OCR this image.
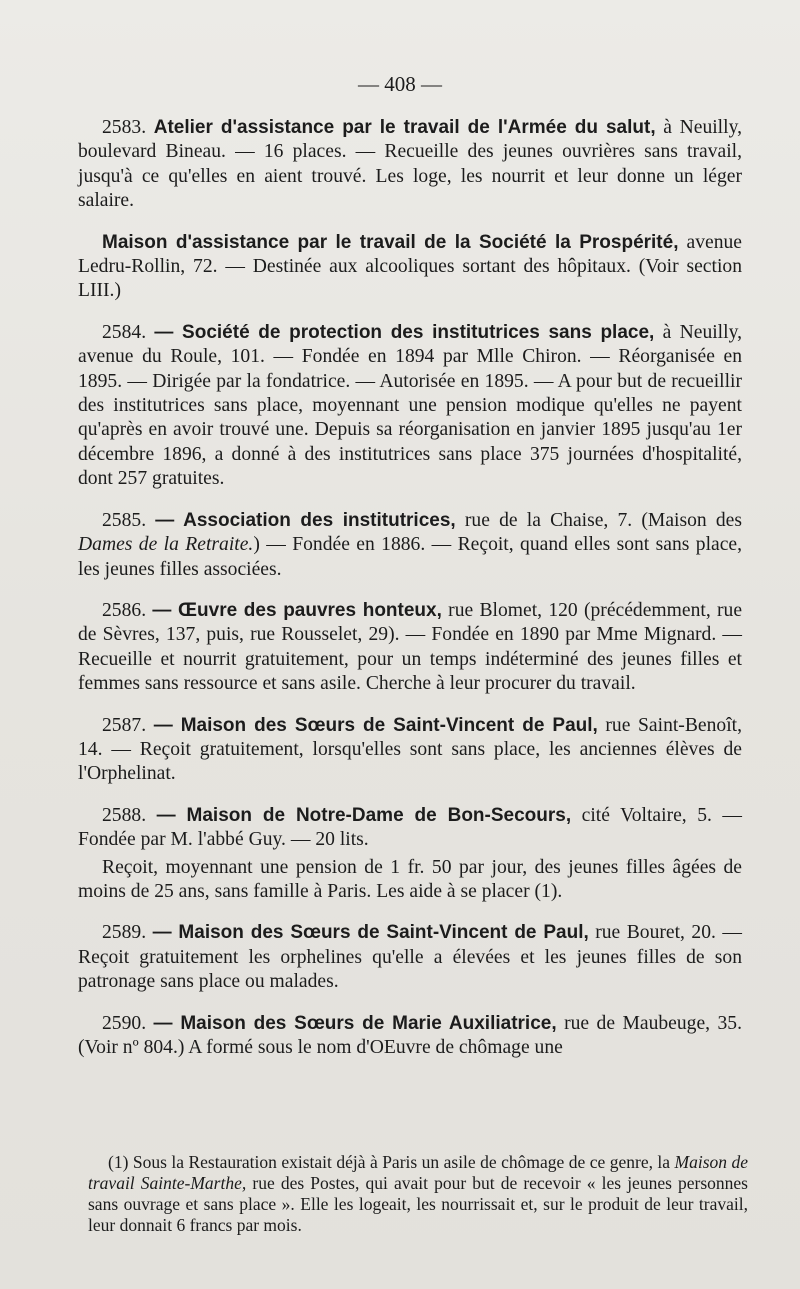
— 408 —

2583. Atelier d'assistance par le travail de l'Armée du salut, à Neuilly, boulevard Bineau. — 16 places. — Recueille des jeunes ouvrières sans travail, jusqu'à ce qu'elles en aient trouvé. Les loge, les nourrit et leur donne un léger salaire.

Maison d'assistance par le travail de la Société la Prospérité, avenue Ledru-Rollin, 72. — Destinée aux alcooliques sortant des hôpitaux. (Voir section LIII.)

2584. — Société de protection des institutrices sans place, à Neuilly, avenue du Roule, 101. — Fondée en 1894 par Mlle Chiron. — Réorganisée en 1895. — Dirigée par la fondatrice. — Autorisée en 1895. — A pour but de recueillir des institutrices sans place, moyennant une pension modique qu'elles ne payent qu'après en avoir trouvé une. Depuis sa réorganisation en janvier 1895 jusqu'au 1er décembre 1896, a donné à des institutrices sans place 375 journées d'hospitalité, dont 257 gratuites.

2585. — Association des institutrices, rue de la Chaise, 7. (Maison des Dames de la Retraite.) — Fondée en 1886. — Reçoit, quand elles sont sans place, les jeunes filles associées.

2586. — Œuvre des pauvres honteux, rue Blomet, 120 (précédemment, rue de Sèvres, 137, puis, rue Rousselet, 29). — Fondée en 1890 par Mme Mignard. — Recueille et nourrit gratuitement, pour un temps indéterminé des jeunes filles et femmes sans ressource et sans asile. Cherche à leur procurer du travail.

2587. — Maison des Sœurs de Saint-Vincent de Paul, rue Saint-Benoît, 14. — Reçoit gratuitement, lorsqu'elles sont sans place, les anciennes élèves de l'Orphelinat.

2588. — Maison de Notre-Dame de Bon-Secours, cité Voltaire, 5. — Fondée par M. l'abbé Guy. — 20 lits.

Reçoit, moyennant une pension de 1 fr. 50 par jour, des jeunes filles âgées de moins de 25 ans, sans famille à Paris. Les aide à se placer (1).

2589. — Maison des Sœurs de Saint-Vincent de Paul, rue Bouret, 20. — Reçoit gratuitement les orphelines qu'elle a élevées et les jeunes filles de son patronage sans place ou malades.

2590. — Maison des Sœurs de Marie Auxiliatrice, rue de Maubeuge, 35. (Voir nº 804.) A formé sous le nom d'OEuvre de chômage une

(1) Sous la Restauration existait déjà à Paris un asile de chômage de ce genre, la Maison de travail Sainte-Marthe, rue des Postes, qui avait pour but de recevoir « les jeunes personnes sans ouvrage et sans place ». Elle les logeait, les nourrissait et, sur le produit de leur travail, leur donnait 6 francs par mois.
